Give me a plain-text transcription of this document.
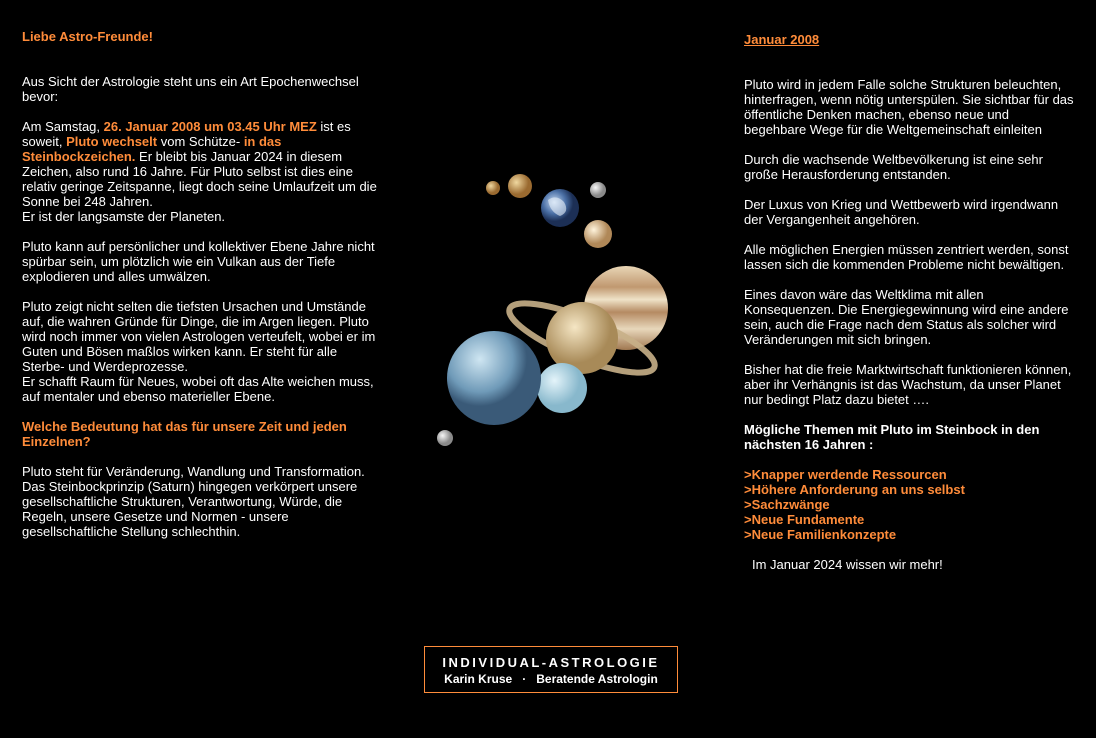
Liebe Astro-Freunde!

Aus Sicht der Astrologie steht uns ein Art Epochenwechsel bevor:

Am Samstag, 26. Januar 2008 um 03.45 Uhr MEZ ist es soweit, Pluto wechselt vom Schütze- in das Steinbockzeichen. Er bleibt bis Januar 2024 in diesem Zeichen, also rund 16 Jahre. Für Pluto selbst ist dies eine relativ geringe Zeitspanne, liegt doch seine Umlaufzeit um die Sonne bei 248 Jahren.
Er ist der langsamste der Planeten.

Pluto kann auf persönlicher und kollektiver Ebene Jahre nicht spürbar sein, um plötzlich wie ein Vulkan aus der Tiefe explodieren und alles umwälzen.

Pluto zeigt nicht selten die tiefsten Ursachen und Umstände auf, die wahren Gründe für Dinge, die im Argen liegen. Pluto wird noch immer von vielen Astrologen verteufelt, wobei er im Guten und Bösen maßlos wirken kann. Er steht für alle Sterbe- und Werdeprozesse.
Er schafft Raum für Neues, wobei oft das Alte weichen muss, auf mentaler und ebenso materieller Ebene.

Welche Bedeutung hat das für unsere Zeit und jeden Einzelnen?

Pluto steht für Veränderung, Wandlung und Transformation.
Das Steinbockprinzip (Saturn) hingegen verkörpert unsere gesellschaftliche Strukturen, Verantwortung, Würde, die Regeln, unsere Gesetze und Normen - unsere gesellschaftliche Stellung schlechthin.

Januar 2008

Pluto wird in jedem Falle solche Strukturen beleuchten, hinterfragen, wenn nötig unterspülen. Sie sichtbar für das öffentliche Denken machen, ebenso neue und begehbare Wege für die Weltgemeinschaft einleiten

Durch die wachsende Weltbevölkerung ist eine sehr große Herausforderung entstanden.

Der Luxus von Krieg und Wettbewerb wird irgendwann der Vergangenheit angehören.

Alle möglichen Energien müssen zentriert werden, sonst lassen sich die kommenden Probleme nicht bewältigen.

Eines davon wäre das Weltklima mit allen Konsequenzen. Die Energiegewinnung wird eine andere sein, auch die Frage nach dem Status als solcher wird Veränderungen mit sich bringen.

Bisher hat die freie Marktwirtschaft funktionieren können, aber ihr Verhängnis ist das Wachstum, da unser Planet nur bedingt Platz dazu bietet ….

Mögliche Themen mit Pluto im Steinbock in den nächsten 16 Jahren :

>Knapper werdende Ressourcen

>Höhere Anforderung an uns selbst

>Sachzwänge

>Neue Fundamente

>Neue Familienkonzepte

Im Januar 2024 wissen wir mehr!

INDIVIDUAL-ASTROLOGIE
Karin Kruse · Beratende Astrologin
